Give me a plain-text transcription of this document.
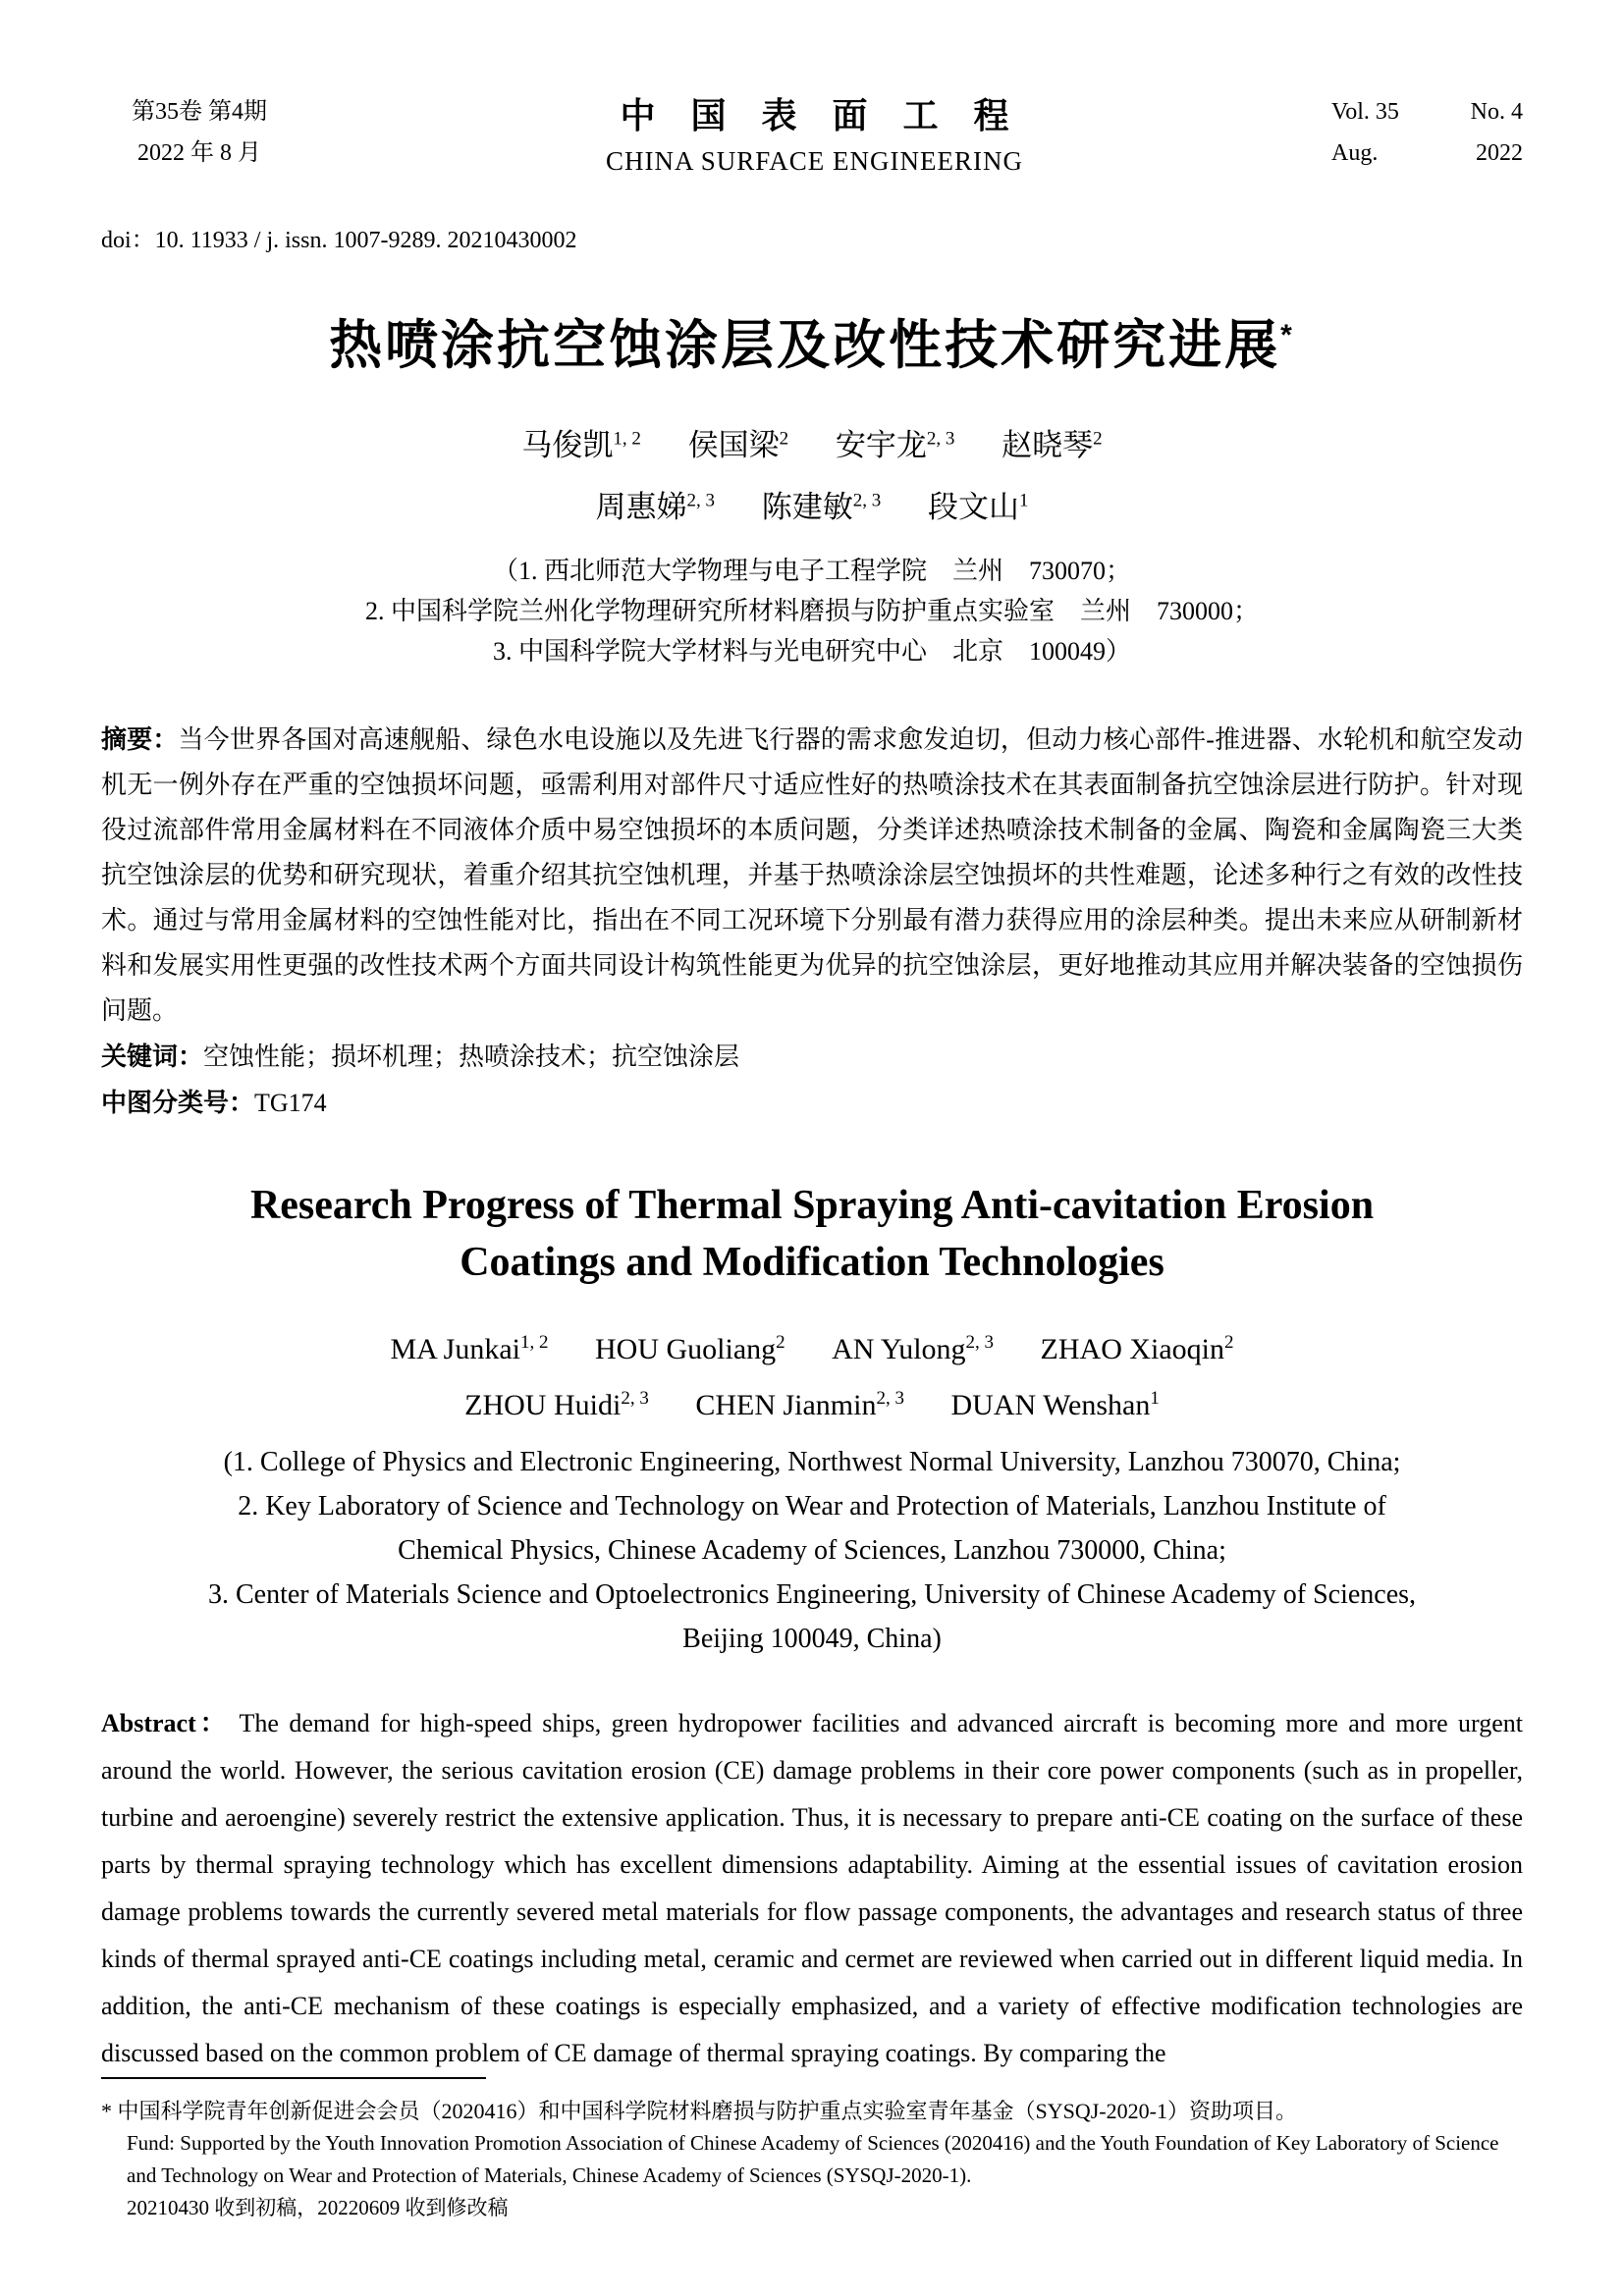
第35卷 第4期
2022 年 8 月
中国表面工程
CHINA SURFACE ENGINEERING
Vol. 35	No. 4
Aug.	2022
doi：10. 11933 / j. issn. 1007-9289. 20210430002
热喷涂抗空蚀涂层及改性技术研究进展*
马俊凯$^{1, 2}$ 侯国梁$^2$ 安宇龙$^{2, 3}$ 赵晓琴$^2$
周惠娣$^{2, 3}$ 陈建敏$^{2, 3}$ 段文山$^1$
（1. 西北师范大学物理与电子工程学院　兰州　730070；
2. 中国科学院兰州化学物理研究所材料磨损与防护重点实验室　兰州　730000；
3. 中国科学院大学材料与光电研究中心　北京　100049）

摘要：当今世界各国对高速舰船、绿色水电设施以及先进飞行器的需求愈发迫切，但动力核心部件-推进器、水轮机和航空发动机无一例外存在严重的空蚀损坏问题，亟需利用对部件尺寸适应性好的热喷涂技术在其表面制备抗空蚀涂层进行防护。针对现役过流部件常用金属材料在不同液体介质中易空蚀损坏的本质问题，分类详述热喷涂技术制备的金属、陶瓷和金属陶瓷三大类抗空蚀涂层的优势和研究现状，着重介绍其抗空蚀机理，并基于热喷涂涂层空蚀损坏的共性难题，论述多种行之有效的改性技术。通过与常用金属材料的空蚀性能对比，指出在不同工况环境下分别最有潜力获得应用的涂层种类。提出未来应从研制新材料和发展实用性更强的改性技术两个方面共同设计构筑性能更为优异的抗空蚀涂层，更好地推动其应用并解决装备的空蚀损伤问题。

关键词：空蚀性能；损坏机理；热喷涂技术；抗空蚀涂层

中图分类号：TG174

Research Progress of Thermal Spraying Anti-cavitation Erosion
Coatings and Modification Technologies
MA Junkai$^{1, 2}$ HOU Guoliang$^2$ AN Yulong$^{2, 3}$ ZHAO Xiaoqin$^2$
ZHOU Huidi$^{2, 3}$ CHEN Jianmin$^{2, 3}$ DUAN Wenshan$^1$
(1. College of Physics and Electronic Engineering, Northwest Normal University, Lanzhou 730070, China;
2. Key Laboratory of Science and Technology on Wear and Protection of Materials, Lanzhou Institute of
Chemical Physics, Chinese Academy of Sciences, Lanzhou 730000, China;
3. Center of Materials Science and Optoelectronics Engineering, University of Chinese Academy of Sciences,
Beijing 100049, China)

Abstract： The demand for high-speed ships, green hydropower facilities and advanced aircraft is becoming more and more urgent around the world. However, the serious cavitation erosion (CE) damage problems in their core power components (such as in propeller, turbine and aeroengine) severely restrict the extensive application. Thus, it is necessary to prepare anti-CE coating on the surface of these parts by thermal spraying technology which has excellent dimensions adaptability. Aiming at the essential issues of cavitation erosion damage problems towards the currently severed metal materials for flow passage components, the advantages and research status of three kinds of thermal sprayed anti-CE coatings including metal, ceramic and cermet are reviewed when carried out in different liquid media. In addition, the anti-CE mechanism of these coatings is especially emphasized, and a variety of effective modification technologies are discussed based on the common problem of CE damage of thermal spraying coatings. By comparing the

* 中国科学院青年创新促进会会员（2020416）和中国科学院材料磨损与防护重点实验室青年基金（SYSQJ-2020-1）资助项目。

Fund: Supported by the Youth Innovation Promotion Association of Chinese Academy of Sciences (2020416) and the Youth Foundation of Key Laboratory of Science and Technology on Wear and Protection of Materials, Chinese Academy of Sciences (SYSQJ-2020-1).

20210430 收到初稿，20220609 收到修改稿
